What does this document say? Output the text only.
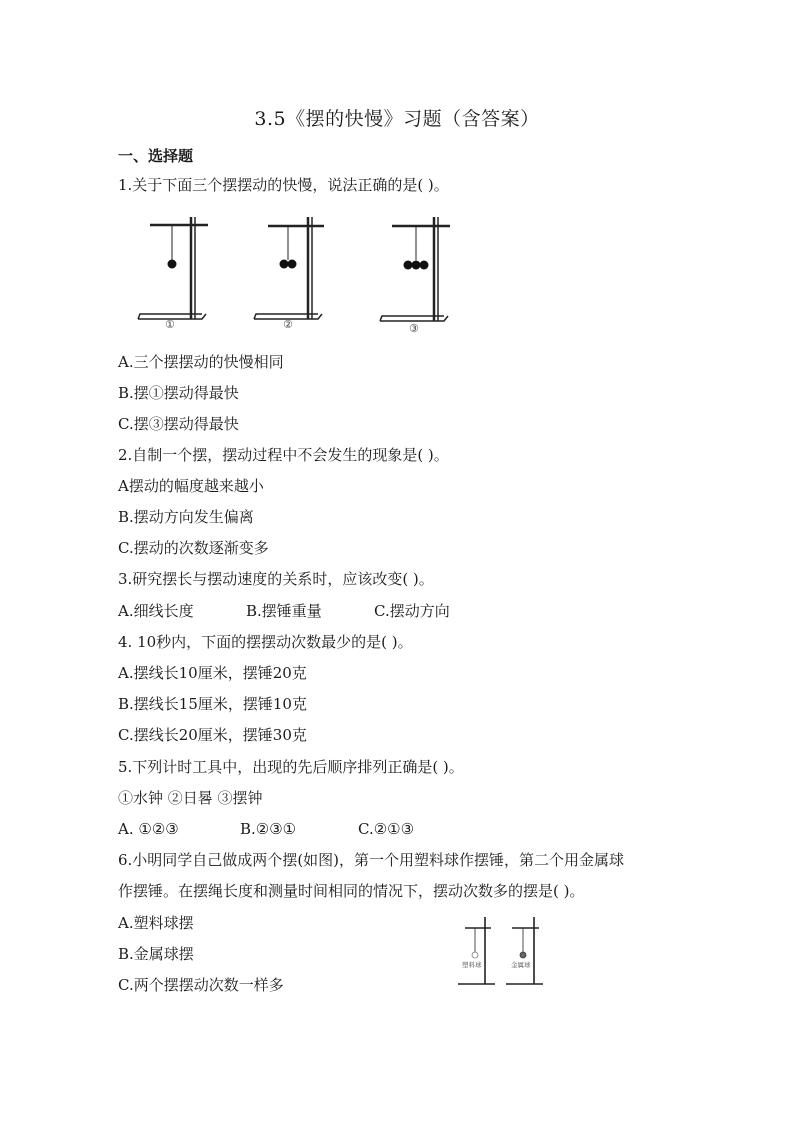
3.5《摆的快慢》习题（含答案）
一、选择题
1.关于下面三个摆摆动的快慢，说法正确的是( )。
①	②	③
A.三个摆摆动的快慢相同
B.摆①摆动得最快
C.摆③摆动得最快
2.自制一个摆，摆动过程中不会发生的现象是( )。
A摆动的幅度越来越小
B.摆动方向发生偏离
C.摆动的次数逐渐变多
3.研究摆长与摆动速度的关系时，应该改变( )。
A.细线长度	B.摆锤重量	C.摆动方向
4. 10秒内，下面的摆摆动次数最少的是( )。
A.摆线长10厘米，摆锤20克
B.摆线长15厘米，摆锤10克
C.摆线长20厘米，摆锤30克
5.下列计时工具中，出现的先后顺序排列正确是( )。
①水钟 ②日晷 ③摆钟
A. ①②③	B.②③①	C.②①③
6.小明同学自己做成两个摆(如图)，第一个用塑料球作摆锤，第二个用金属球
作摆锤。在摆绳长度和测量时间相同的情况下，摆动次数多的摆是( )。
A.塑料球摆
B.金属球摆
C.两个摆摆动次数一样多
塑料球	金属球
